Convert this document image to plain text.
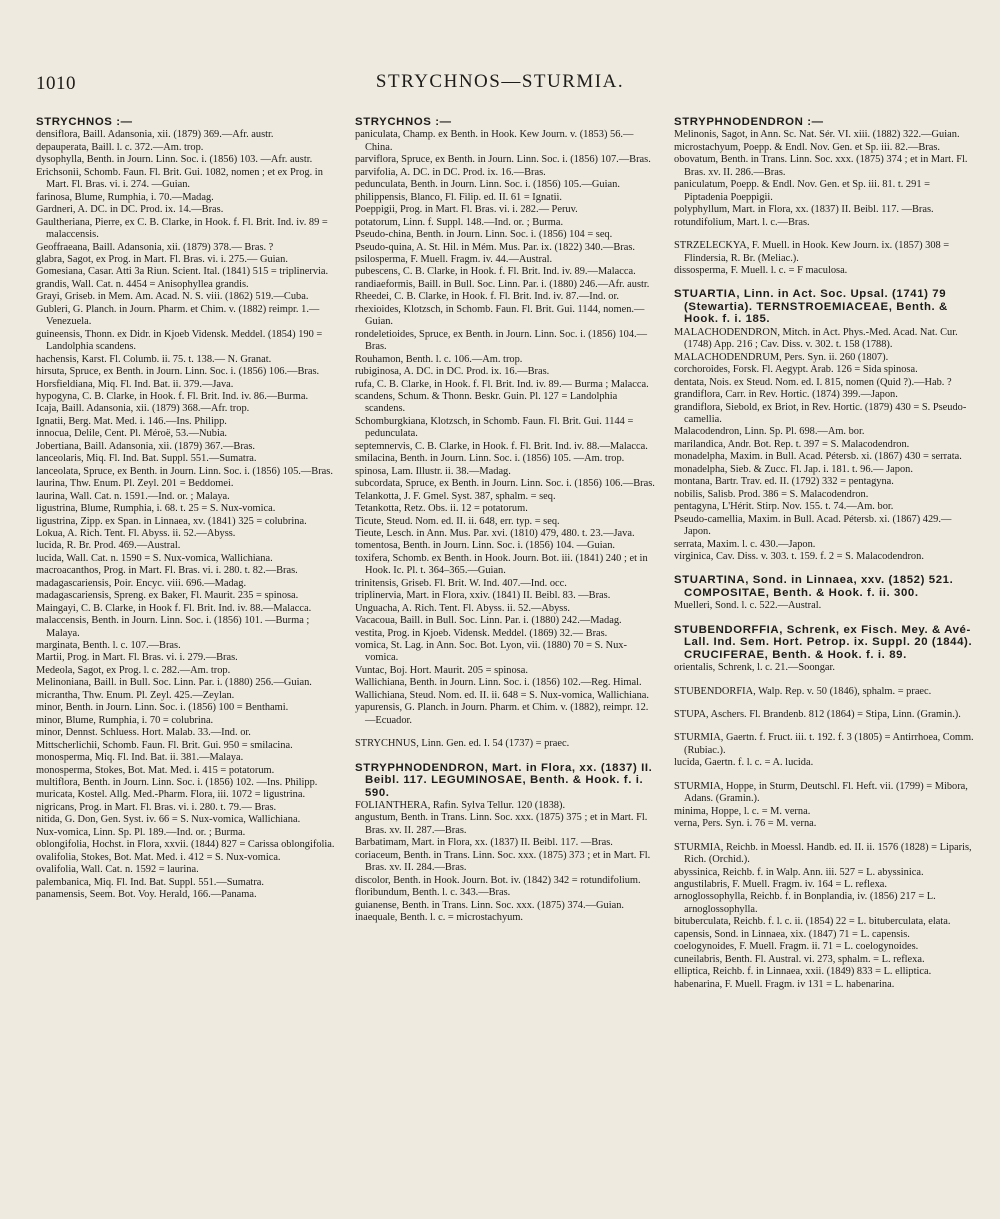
1010	STRYCHNOS—STURMIA.
STRYCHNOS :—
densiflora, Baill. Adansonia, xii. (1879) 369.—Afr. austr.
depauperata, Baill. l. c. 372.—Am. trop.
dysophylla, Benth. in Journ. Linn. Soc. i. (1856) 103. —Afr. austr.
Erichsonii, Schomb. Faun. Fl. Brit. Gui. 1082, nomen ; et ex Prog. in Mart. Fl. Bras. vi. i. 274. —Guian.
farinosa, Blume, Rumphia, i. 70.—Madag.
Gardneri, A. DC. in DC. Prod. ix. 14.—Bras.
Gaultheriana, Pierre, ex C. B. Clarke, in Hook. f. Fl. Brit. Ind. iv. 89 = malaccensis.
Geoffraeana, Baill. Adansonia, xii. (1879) 378.— Bras. ?
glabra, Sagot, ex Prog. in Mart. Fl. Bras. vi. i. 275.— Guian.
Gomesiana, Casar. Atti 3a Riun. Scient. Ital. (1841) 515 = triplinervia.
grandis, Wall. Cat. n. 4454 = Anisophyllea grandis.
Grayi, Griseb. in Mem. Am. Acad. N. S. viii. (1862) 519.—Cuba.
Gubleri, G. Planch. in Journ. Pharm. et Chim. v. (1882) reimpr. 1.—Venezuela.
guineensis, Thonn. ex Didr. in Kjoeb Vidensk. Meddel. (1854) 190 = Landolphia scandens.
hachensis, Karst. Fl. Columb. ii. 75. t. 138.— N. Granat.
hirsuta, Spruce, ex Benth. in Journ. Linn. Soc. i. (1856) 106.—Bras.
Horsfieldiana, Miq. Fl. Ind. Bat. ii. 379.—Java.
hypogyna, C. B. Clarke, in Hook. f. Fl. Brit. Ind. iv. 86.—Burma.
Icaja, Baill. Adansonia, xii. (1879) 368.—Afr. trop.
Ignatii, Berg. Mat. Med. i. 146.—Ins. Philipp.
innocua, Delile, Cent. Pl. Méroë, 53.—Nubia.
Jobertiana, Baill. Adansonia, xii. (1879) 367.—Bras.
lanceolaris, Miq. Fl. Ind. Bat. Suppl. 551.—Sumatra.
lanceolata, Spruce, ex Benth. in Journ. Linn. Soc. i. (1856) 105.—Bras.
laurina, Thw. Enum. Pl. Zeyl. 201 = Beddomei.
laurina, Wall. Cat. n. 1591.—Ind. or. ; Malaya.
ligustrina, Blume, Rumphia, i. 68. t. 25 = S. Nux-vomica.
ligustrina, Zipp. ex Span. in Linnaea, xv. (1841) 325 = colubrina.
Lokua, A. Rich. Tent. Fl. Abyss. ii. 52.—Abyss.
lucida, R. Br. Prod. 469.—Austral.
lucida, Wall. Cat. n. 1590 = S. Nux-vomica, Wallichiana.
macroacanthos, Prog. in Mart. Fl. Bras. vi. i. 280. t. 82.—Bras.
madagascariensis, Poir. Encyc. viii. 696.—Madag.
madagascariensis, Spreng. ex Baker, Fl. Maurit. 235 = spinosa.
Maingayi, C. B. Clarke, in Hook f. Fl. Brit. Ind. iv. 88.—Malacca.
malaccensis, Benth. in Journ. Linn. Soc. i. (1856) 101. —Burma ; Malaya.
marginata, Benth. l. c. 107.—Bras.
Martii, Prog. in Mart. Fl. Bras. vi. i. 279.—Bras.
Medeola, Sagot, ex Prog. l. c. 282.—Am. trop.
Melinoniana, Baill. in Bull. Soc. Linn. Par. i. (1880) 256.—Guian.
micrantha, Thw. Enum. Pl. Zeyl. 425.—Zeylan.
minor, Benth. in Journ. Linn. Soc. i. (1856) 100 = Benthami.
minor, Blume, Rumphia, i. 70 = colubrina.
minor, Dennst. Schluess. Hort. Malab. 33.—Ind. or.
Mittscherlichii, Schomb. Faun. Fl. Brit. Gui. 950 = smilacina.
monosperma, Miq. Fl. Ind. Bat. ii. 381.—Malaya.
monosperma, Stokes, Bot. Mat. Med. i. 415 = potatorum.
multiflora, Benth. in Journ. Linn. Soc. i. (1856) 102. —Ins. Philipp.
muricata, Kostel. Allg. Med.-Pharm. Flora, iii. 1072 = ligustrina.
nigricans, Prog. in Mart. Fl. Bras. vi. i. 280. t. 79.— Bras.
nitida, G. Don, Gen. Syst. iv. 66 = S. Nux-vomica, Wallichiana.
Nux-vomica, Linn. Sp. Pl. 189.—Ind. or. ; Burma.
oblongifolia, Hochst. in Flora, xxvii. (1844) 827 = Carissa oblongifolia.
ovalifolia, Stokes, Bot. Mat. Med. i. 412 = S. Nux-vomica.
ovalifolia, Wall. Cat. n. 1592 = laurina.
palembanica, Miq. Fl. Ind. Bat. Suppl. 551.—Sumatra.
panamensis, Seem. Bot. Voy. Herald, 166.—Panama.
STRYCHNOS :—
paniculata, Champ. ex Benth. in Hook. Kew Journ. v. (1853) 56.—China.
parviflora, Spruce, ex Benth. in Journ. Linn. Soc. i. (1856) 107.—Bras.
parvifolia, A. DC. in DC. Prod. ix. 16.—Bras.
pedunculata, Benth. in Journ. Linn. Soc. i. (1856) 105.—Guian.
philippensis, Blanco, Fl. Filip. ed. II. 61 = Ignatii.
Poeppigii, Prog. in Mart. Fl. Bras. vi. i. 282.— Peruv.
potatorum, Linn. f. Suppl. 148.—Ind. or. ; Burma.
Pseudo-china, Benth. in Journ. Linn. Soc. i. (1856) 104 = seq.
Pseudo-quina, A. St. Hil. in Mém. Mus. Par. ix. (1822) 340.—Bras.
psilosperma, F. Muell. Fragm. iv. 44.—Austral.
pubescens, C. B. Clarke, in Hook. f. Fl. Brit. Ind. iv. 89.—Malacca.
randiaeformis, Baill. in Bull. Soc. Linn. Par. i. (1880) 246.—Afr. austr.
Rheedei, C. B. Clarke, in Hook. f. Fl. Brit. Ind. iv. 87.—Ind. or.
rhexioides, Klotzsch, in Schomb. Faun. Fl. Brit. Gui. 1144, nomen.—Guian.
rondeletioides, Spruce, ex Benth. in Journ. Linn. Soc. i. (1856) 104.—Bras.
Rouhamon, Benth. l. c. 106.—Am. trop.
rubiginosa, A. DC. in DC. Prod. ix. 16.—Bras.
rufa, C. B. Clarke, in Hook. f. Fl. Brit. Ind. iv. 89.— Burma ; Malacca.
scandens, Schum. & Thonn. Beskr. Guin. Pl. 127 = Landolphia scandens.
Schomburgkiana, Klotzsch, in Schomb. Faun. Fl. Brit. Gui. 1144 = pedunculata.
septemnervis, C. B. Clarke, in Hook. f. Fl. Brit. Ind. iv. 88.—Malacca.
smilacina, Benth. in Journ. Linn. Soc. i. (1856) 105. —Am. trop.
spinosa, Lam. Illustr. ii. 38.—Madag.
subcordata, Spruce, ex Benth. in Journ. Linn. Soc. i. (1856) 106.—Bras.
Telankotta, J. F. Gmel. Syst. 387, sphalm. = seq.
Tetankotta, Retz. Obs. ii. 12 = potatorum.
Ticute, Steud. Nom. ed. II. ii. 648, err. typ. = seq.
Tieute, Lesch. in Ann. Mus. Par. xvi. (1810) 479, 480. t. 23.—Java.
tomentosa, Benth. in Journ. Linn. Soc. i. (1856) 104. —Guian.
toxifera, Schomb. ex Benth. in Hook. Journ. Bot. iii. (1841) 240 ; et in Hook. Ic. Pl. t. 364–365.—Guian.
trinitensis, Griseb. Fl. Brit. W. Ind. 407.—Ind. occ.
triplinervia, Mart. in Flora, xxiv. (1841) II. Beibl. 83. —Bras.
Unguacha, A. Rich. Tent. Fl. Abyss. ii. 52.—Abyss.
Vacacoua, Baill. in Bull. Soc. Linn. Par. i. (1880) 242.—Madag.
vestita, Prog. in Kjoeb. Vidensk. Meddel. (1869) 32.— Bras.
vomica, St. Lag. in Ann. Soc. Bot. Lyon, vii. (1880) 70 = S. Nux-vomica.
Vuntac, Boj. Hort. Maurit. 205 = spinosa.
Wallichiana, Benth. in Journ. Linn. Soc. i. (1856) 102.—Reg. Himal.
Wallichiana, Steud. Nom. ed. II. ii. 648 = S. Nux-vomica, Wallichiana.
yapurensis, G. Planch. in Journ. Pharm. et Chim. v. (1882), reimpr. 12.—Ecuador.
STRYCHNUS, Linn. Gen. ed. I. 54 (1737) = praec.
STRYPHNODENDRON, Mart. in Flora, xx. (1837) II. Beibl. 117. LEGUMINOSAE, Benth. & Hook. f. i. 590.
FOLIANTHERA, Rafin. Sylva Tellur. 120 (1838).
angustum, Benth. in Trans. Linn. Soc. xxx. (1875) 375 ; et in Mart. Fl. Bras. xv. II. 287.—Bras.
Barbatimam, Mart. in Flora, xx. (1837) II. Beibl. 117. —Bras.
coriaceum, Benth. in Trans. Linn. Soc. xxx. (1875) 373 ; et in Mart. Fl. Bras. xv. II. 284.—Bras.
discolor, Benth. in Hook. Journ. Bot. iv. (1842) 342 = rotundifolium.
floribundum, Benth. l. c. 343.—Bras.
guianense, Benth. in Trans. Linn. Soc. xxx. (1875) 374.—Guian.
inaequale, Benth. l. c. = microstachyum.
STRYPHNODENDRON :—
Melinonis, Sagot, in Ann. Sc. Nat. Sér. VI. xiii. (1882) 322.—Guian.
microstachyum, Poepp. & Endl. Nov. Gen. et Sp. iii. 82.—Bras.
obovatum, Benth. in Trans. Linn. Soc. xxx. (1875) 374 ; et in Mart. Fl. Bras. xv. II. 286.—Bras.
paniculatum, Poepp. & Endl. Nov. Gen. et Sp. iii. 81. t. 291 = Piptadenia Poeppigii.
polyphyllum, Mart. in Flora, xx. (1837) II. Beibl. 117. —Bras.
rotundifolium, Mart. l. c.—Bras.
STRZELECKYA, F. Muell. in Hook. Kew Journ. ix. (1857) 308 = Flindersia, R. Br. (Meliac.).
dissosperma, F. Muell. l. c. = F maculosa.
STUARTIA, Linn. in Act. Soc. Upsal. (1741) 79 (Stewartia). TERNSTROEMIACEAE, Benth. & Hook. f. i. 185.
MALACHODENDRON, Mitch. in Act. Phys.-Med. Acad. Nat. Cur. (1748) App. 216 ; Cav. Diss. v. 302. t. 158 (1788).
MALACHODENDRUM, Pers. Syn. ii. 260 (1807).
corchoroides, Forsk. Fl. Aegypt. Arab. 126 = Sida spinosa.
dentata, Nois. ex Steud. Nom. ed. I. 815, nomen (Quid ?).—Hab. ?
grandiflora, Carr. in Rev. Hortic. (1874) 399.—Japon.
grandiflora, Siebold, ex Briot, in Rev. Hortic. (1879) 430 = S. Pseudo-camellia.
Malacodendron, Linn. Sp. Pl. 698.—Am. bor.
marilandica, Andr. Bot. Rep. t. 397 = S. Malacodendron.
monadelpha, Maxim. in Bull. Acad. Pétersb. xi. (1867) 430 = serrata.
monadelpha, Sieb. & Zucc. Fl. Jap. i. 181. t. 96.— Japon.
montana, Bartr. Trav. ed. II. (1792) 332 = pentagyna.
nobilis, Salisb. Prod. 386 = S. Malacodendron.
pentagyna, L'Hérit. Stirp. Nov. 155. t. 74.—Am. bor.
Pseudo-camellia, Maxim. in Bull. Acad. Pétersb. xi. (1867) 429.—Japon.
serrata, Maxim. l. c. 430.—Japon.
virginica, Cav. Diss. v. 303. t. 159. f. 2 = S. Malacodendron.
STUARTINA, Sond. in Linnaea, xxv. (1852) 521. COMPOSITAE, Benth. & Hook. f. ii. 300.
Muelleri, Sond. l. c. 522.—Austral.
STUBENDORFFIA, Schrenk, ex Fisch. Mey. & Avé-Lall. Ind. Sem. Hort. Petrop. ix. Suppl. 20 (1844). CRUCIFERAE, Benth. & Hook. f. i. 89.
orientalis, Schrenk, l. c. 21.—Soongar.
STUBENDORFIA, Walp. Rep. v. 50 (1846), sphalm. = praec.
STUPA, Aschers. Fl. Brandenb. 812 (1864) = Stipa, Linn. (Gramin.).
STURMIA, Gaertn. f. Fruct. iii. t. 192. f. 3 (1805) = Antirrhoea, Comm. (Rubiac.).
lucida, Gaertn. f. l. c. = A. lucida.
STURMIA, Hoppe, in Sturm, Deutschl. Fl. Heft. vii. (1799) = Mibora, Adans. (Gramin.).
minima, Hoppe, l. c. = M. verna.
verna, Pers. Syn. i. 76 = M. verna.
STURMIA, Reichb. in Moessl. Handb. ed. II. ii. 1576 (1828) = Liparis, Rich. (Orchid.).
abyssinica, Reichb. f. in Walp. Ann. iii. 527 = L. abyssinica.
angustilabris, F. Muell. Fragm. iv. 164 = L. reflexa.
arnoglossophylla, Reichb. f. in Bonplandia, iv. (1856) 217 = L. arnoglossophylla.
bituberculata, Reichb. f. l. c. ii. (1854) 22 = L. bituberculata, elata.
capensis, Sond. in Linnaea, xix. (1847) 71 = L. capensis.
coelogynoides, F. Muell. Fragm. ii. 71 = L. coelogynoides.
cuneilabris, Benth. Fl. Austral. vi. 273, sphalm. = L. reflexa.
elliptica, Reichb. f. in Linnaea, xxii. (1849) 833 = L. elliptica.
habenarina, F. Muell. Fragm. iv 131 = L. habenarina.
